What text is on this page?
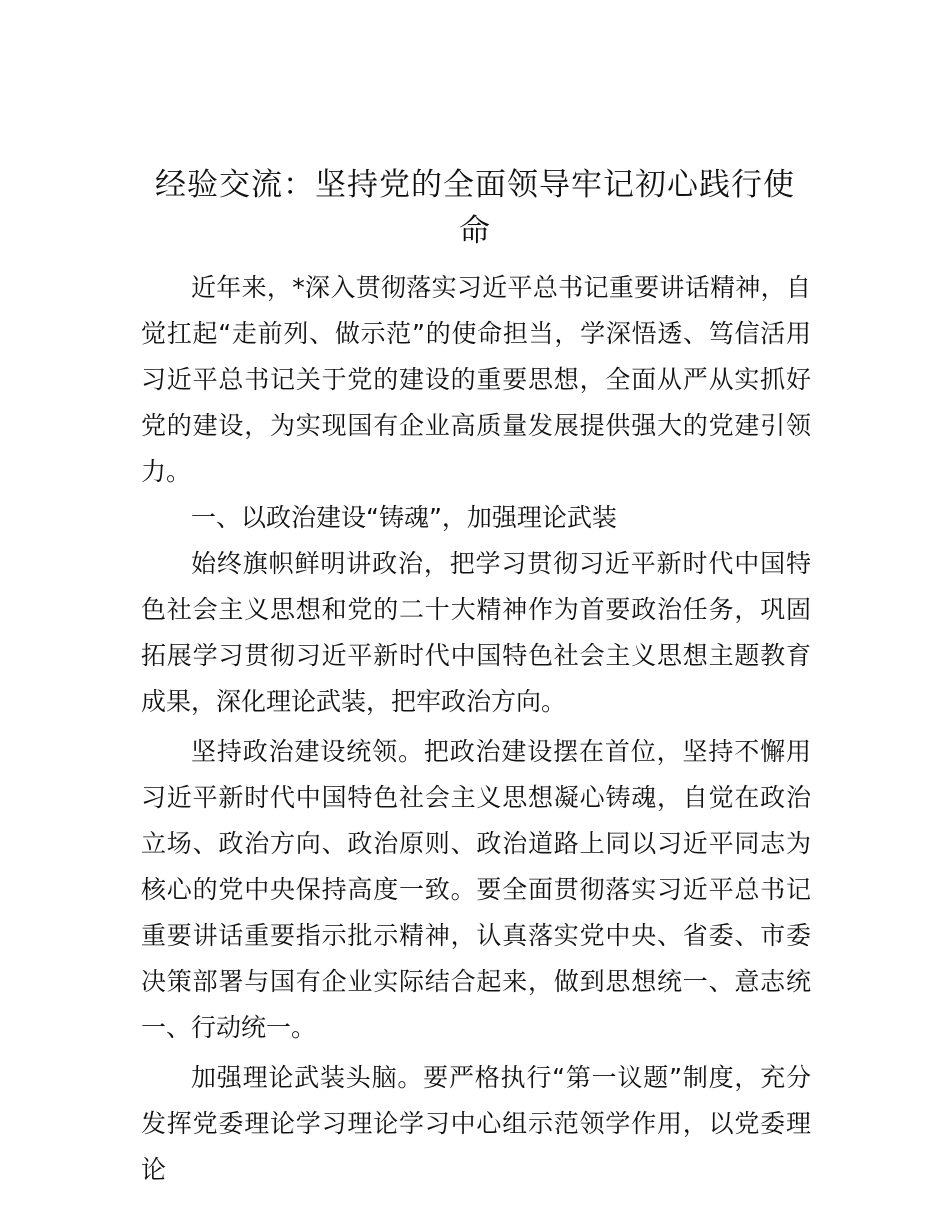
经验交流：坚持党的全面领导牢记初心践行使命

近年来，*深入贯彻落实习近平总书记重要讲话精神，自觉扛起“走前列、做示范”的使命担当，学深悟透、笃信活用习近平总书记关于党的建设的重要思想，全面从严从实抓好党的建设，为实现国有企业高质量发展提供强大的党建引领力。

一、以政治建设“铸魂”，加强理论武装

始终旗帜鲜明讲政治，把学习贯彻习近平新时代中国特色社会主义思想和党的二十大精神作为首要政治任务，巩固拓展学习贯彻习近平新时代中国特色社会主义思想主题教育成果，深化理论武装，把牢政治方向。

坚持政治建设统领。把政治建设摆在首位，坚持不懈用习近平新时代中国特色社会主义思想凝心铸魂，自觉在政治立场、政治方向、政治原则、政治道路上同以习近平同志为核心的党中央保持高度一致。要全面贯彻落实习近平总书记重要讲话重要指示批示精神，认真落实党中央、省委、市委决策部署与国有企业实际结合起来，做到思想统一、意志统一、行动统一。

加强理论武装头脑。要严格执行“第一议题”制度，充分发挥党委理论学习理论学习中心组示范领学作用，以党委理论
